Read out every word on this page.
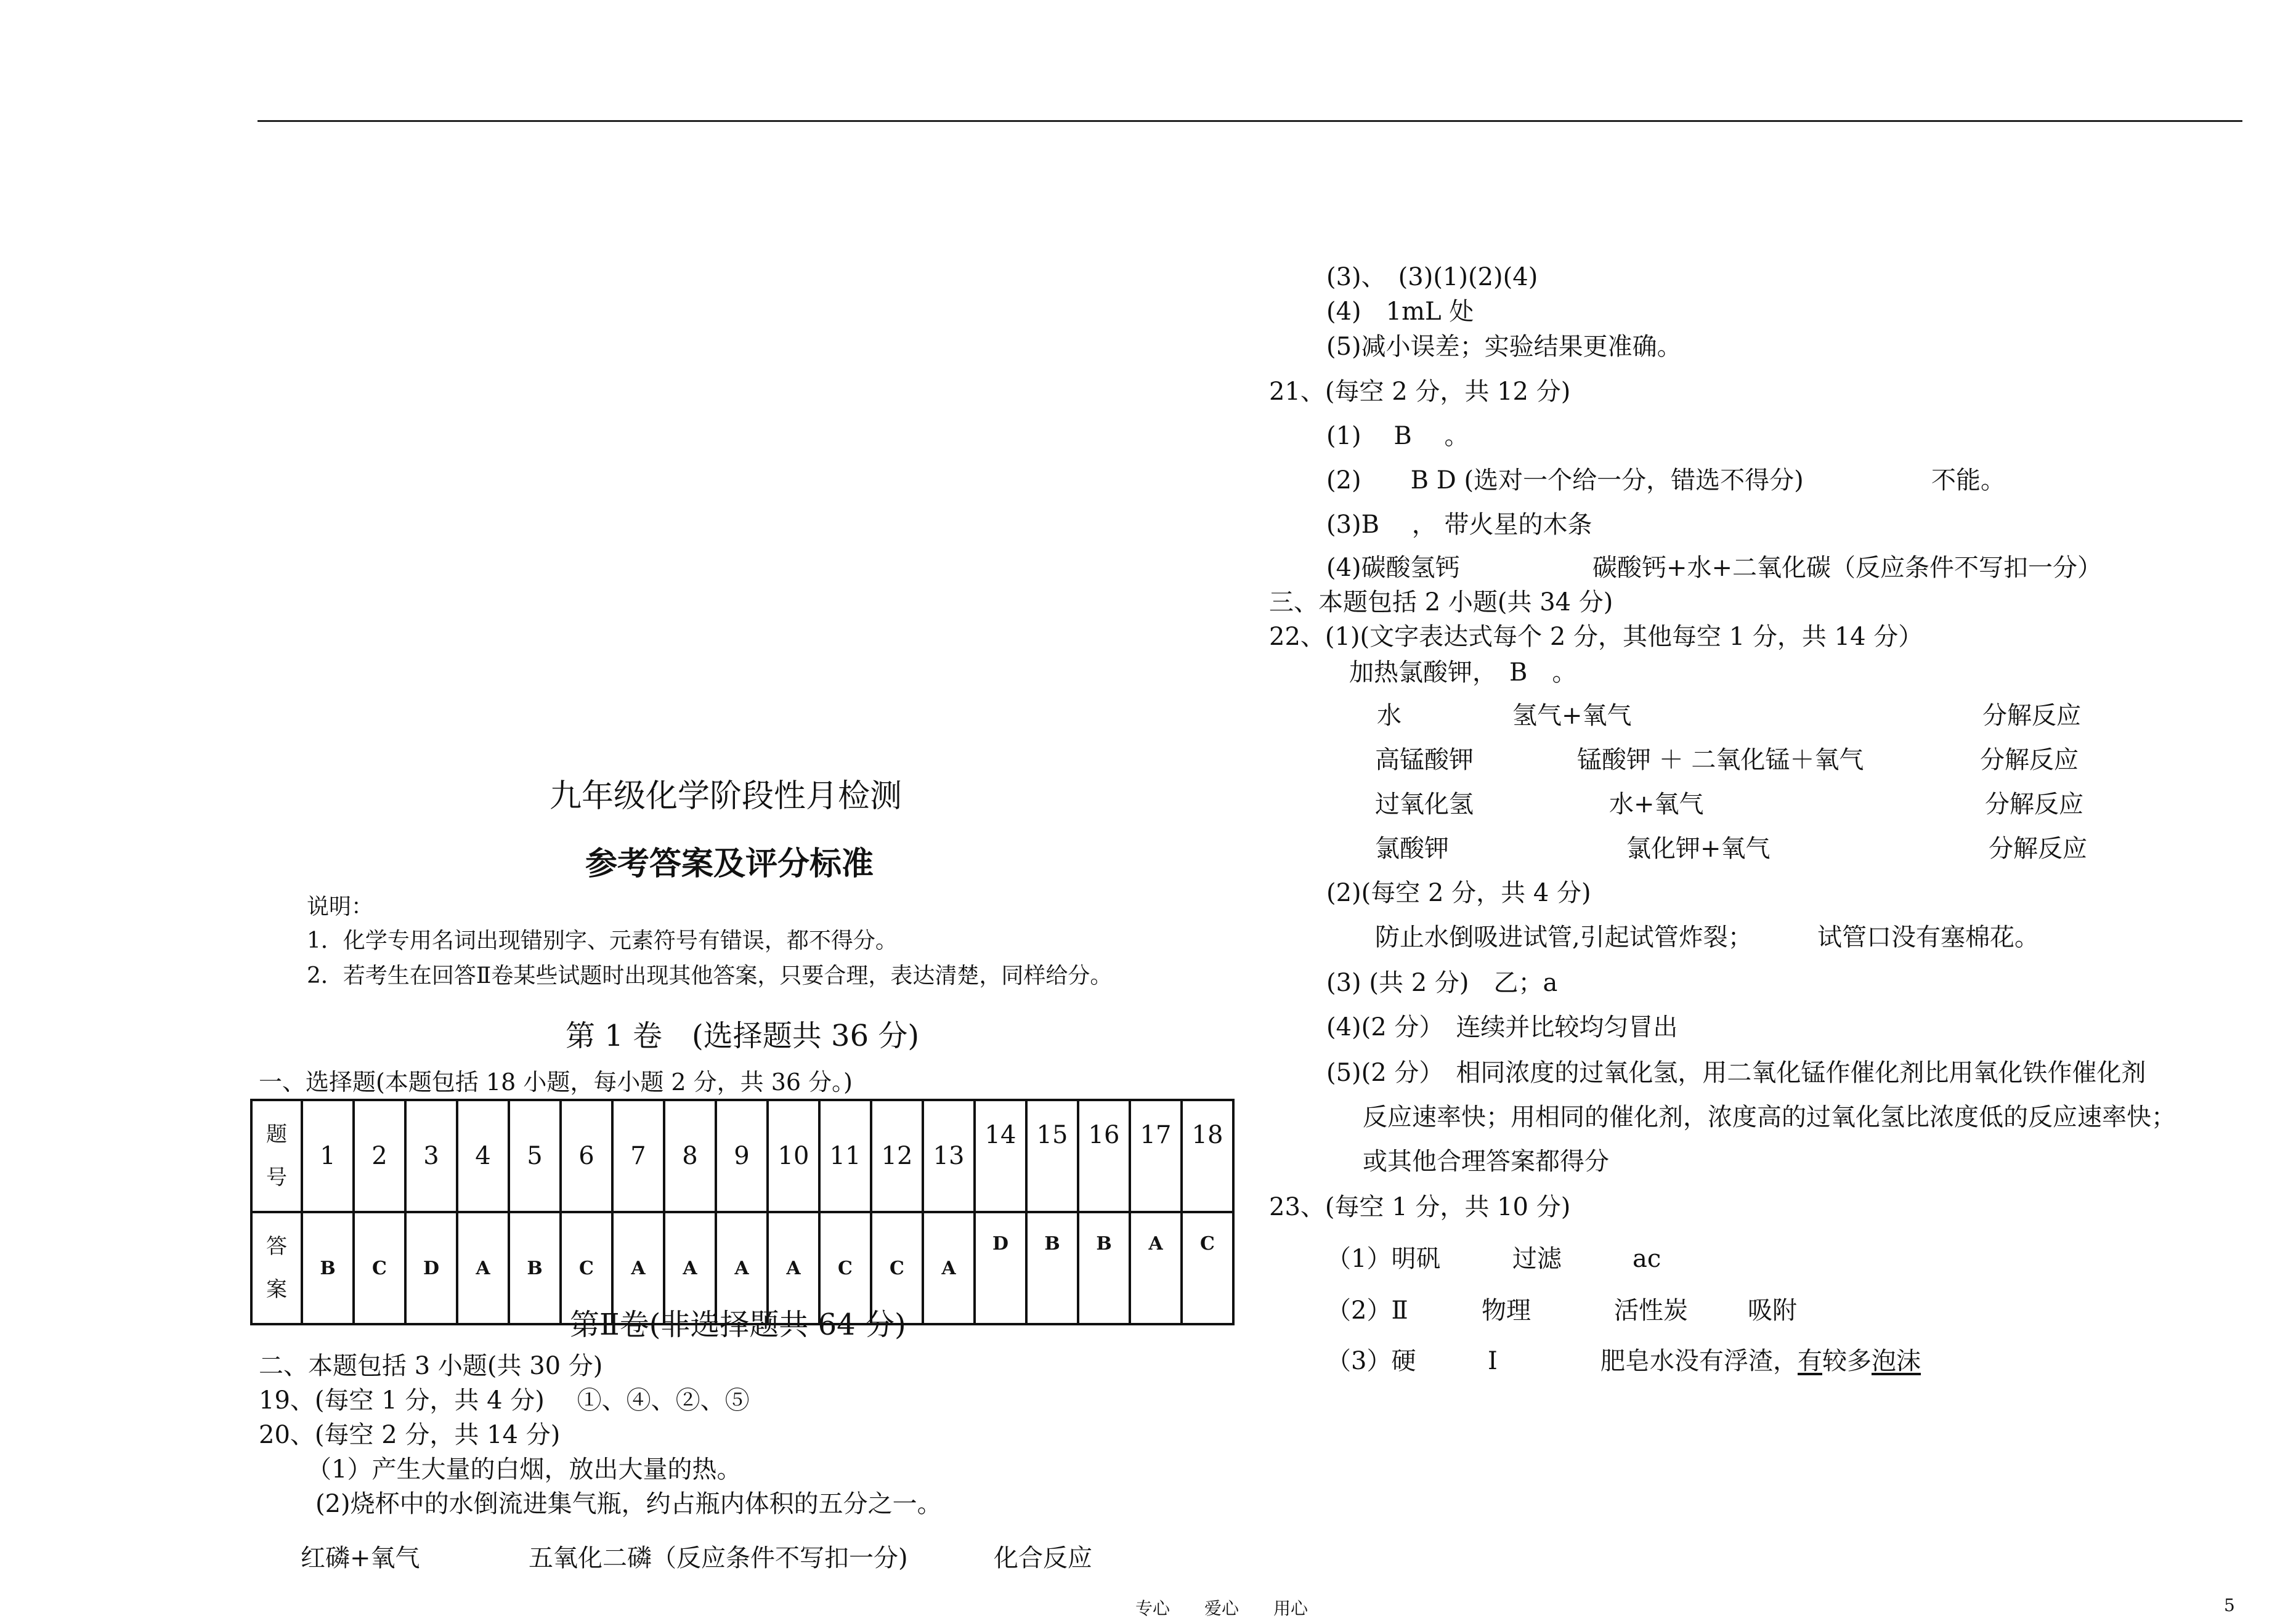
九年级化学阶段性月检测
参考答案及评分标准
说明：
1．化学专用名词出现错别字、元素符号有错误，都不得分。
2．若考生在回答Ⅱ卷某些试题时出现其他答案，只要合理，表达清楚，同样给分。
第 1 卷　(选择题共 36 分)
一、选择题(本题包括 18 小题，每小题 2 分，共 36 分。)
题
号	1	2	3	4	5	6	7	8	9	10	11	12	13	14	15	16	17	18
答
案	B	C	D	A	B	C	A	A	A	A	C	C	A	D	B	B	A	C
第Ⅱ卷(非选择题共 64 分)
二、本题包括 3 小题(共 30 分)
19、(每空 1 分，共 4 分)　 ①、④、②、⑤
20、(每空 2 分，共 14 分)
（1）产生大量的白烟，放出大量的热。
(2)烧杯中的水倒流进集气瓶，约占瓶内体积的五分之一。
红磷+氧气	五氧化二磷（反应条件不写扣一分)	化合反应
(3)、　(3)(1)(2)(4)
(4)　1mL 处
(5)减小误差；实验结果更准确。
21、(每空 2 分，共 12 分)
(1)　 B　 。
(2)　　B D (选对一个给一分，错选不得分)	不能。
(3)B　 ， 带火星的木条
(4)碳酸氢钙	碳酸钙+水+二氧化碳（反应条件不写扣一分）
三、本题包括 2 小题(共 34 分)
22、(1)(文字表达式每个 2 分，其他每空 1 分，共 14 分）
加热氯酸钾，　B　。
水	氢气+氧气	分解反应
高锰酸钾	锰酸钾 ＋ 二氧化锰＋氧气	分解反应
过氧化氢	水+氧气	分解反应
氯酸钾	氯化钾+氧气	分解反应
(2)(每空 2 分，共 4 分)
防止水倒吸进试管,引起试管炸裂；	试管口没有塞棉花。
(3) (共 2 分)　乙；a
(4)(2 分）　连续并比较均匀冒出
(5)(2 分）　相同浓度的过氧化氢，用二氧化锰作催化剂比用氧化铁作催化剂
反应速率快；用相同的催化剂，浓度高的过氧化氢比浓度低的反应速率快；
或其他合理答案都得分
23、(每空 1 分，共 10 分)
（1）明矾	过滤	ac
（2）Ⅱ	物理	活性炭 吸附
（3）硬	Ⅰ	肥皂水没有浮渣，有较多泡沫
专心　　爱心　　用心	5
